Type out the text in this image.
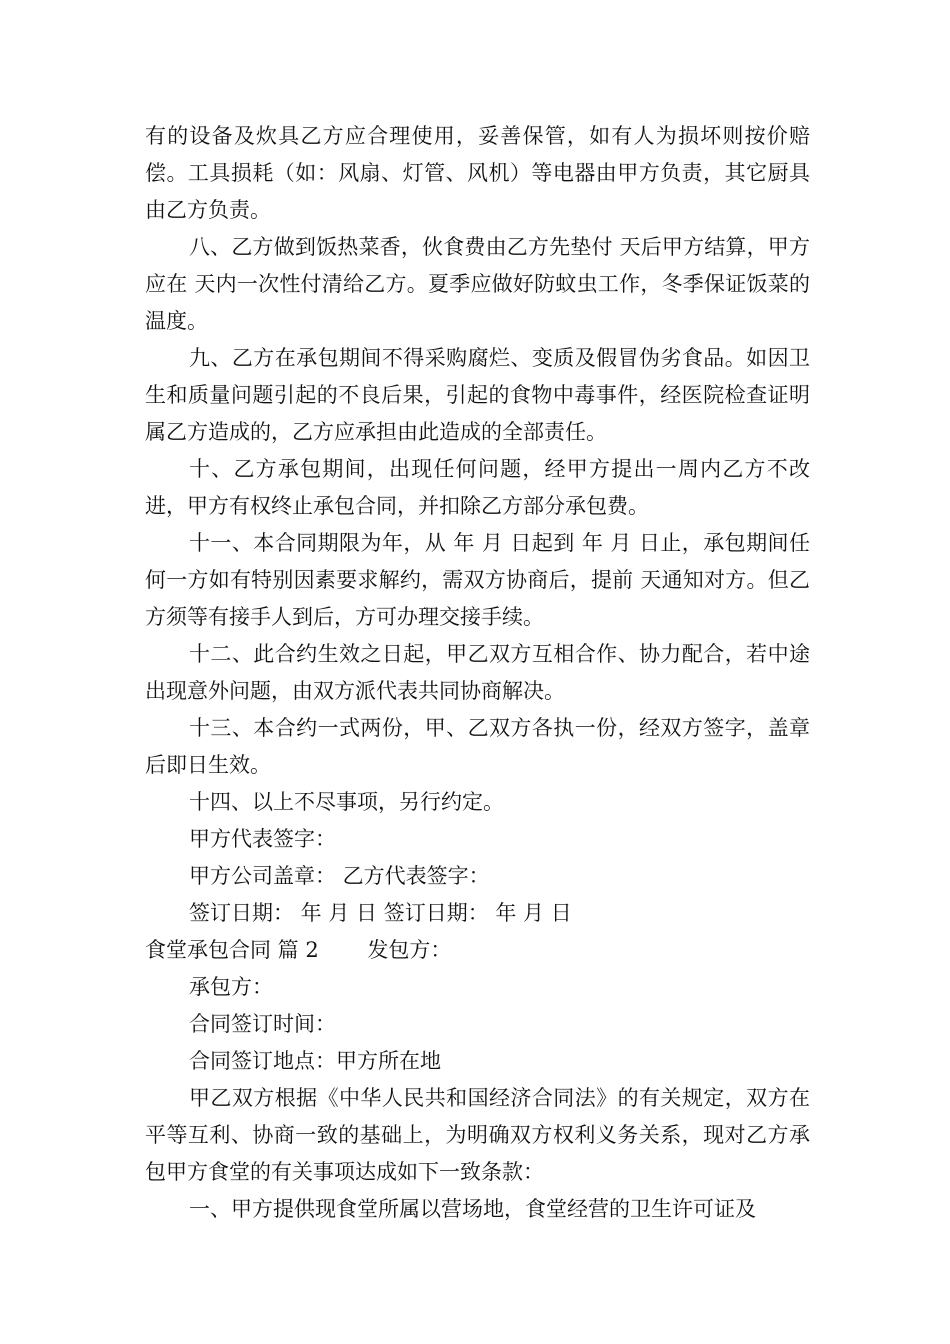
有的设备及炊具乙方应合理使用，妥善保管，如有人为损坏则按价赔偿。工具损耗（如：风扇、灯管、风机）等电器由甲方负责，其它厨具由乙方负责。

八、乙方做到饭热菜香，伙食费由乙方先垫付 天后甲方结算，甲方应在 天内一次性付清给乙方。夏季应做好防蚊虫工作，冬季保证饭菜的温度。

九、乙方在承包期间不得采购腐烂、变质及假冒伪劣食品。如因卫生和质量问题引起的不良后果，引起的食物中毒事件，经医院检查证明属乙方造成的，乙方应承担由此造成的全部责任。

十、乙方承包期间，出现任何问题，经甲方提出一周内乙方不改进，甲方有权终止承包合同，并扣除乙方部分承包费。

十一、本合同期限为年，从 年 月 日起到 年 月 日止，承包期间任何一方如有特别因素要求解约，需双方协商后，提前 天通知对方。但乙方须等有接手人到后，方可办理交接手续。

十二、此合约生效之日起，甲乙双方互相合作、协力配合，若中途出现意外问题，由双方派代表共同协商解决。

十三、本合约一式两份，甲、乙双方各执一份，经双方签字，盖章后即日生效。

十四、以上不尽事项，另行约定。

甲方代表签字：

甲方公司盖章： 乙方代表签字：

签订日期： 年 月 日 签订日期： 年 月 日

食堂承包合同 篇 2　　 发包方：

承包方：

合同签订时间：

合同签订地点：甲方所在地

甲乙双方根据《中华人民共和国经济合同法》的有关规定，双方在平等互利、协商一致的基础上，为明确双方权利义务关系，现对乙方承包甲方食堂的有关事项达成如下一致条款：

一、甲方提供现食堂所属以营场地，食堂经营的卫生许可证及
